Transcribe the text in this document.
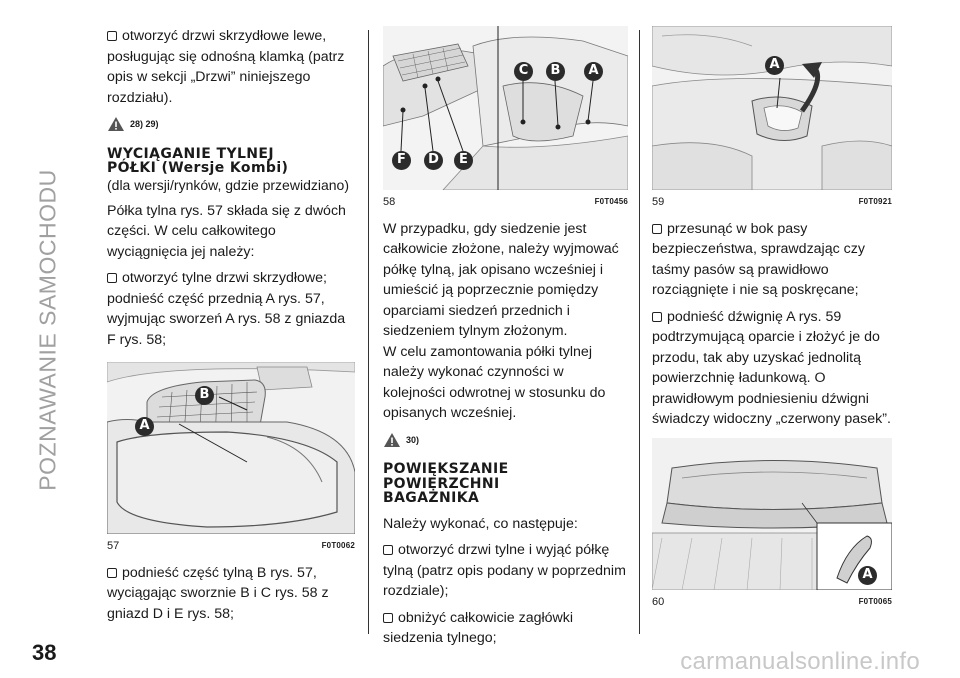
POZNAWANIE SAMOCHODU
38	carmanualsonline.info

otworzyć drzwi skrzydłowe lewe, posługując się odnośną klamką (patrz opis w sekcji „Drzwi” niniejszego rozdziału).

28) 29)
WYCIĄGANIE TYLNEJ
PÓŁKI (Wersje Kombi)

(dla wersji/rynków, gdzie przewidziano)

Półka tylna rys. 57 składa się z dwóch części. W celu całkowitego wyciągnięcia jej należy:

otworzyć tylne drzwi skrzydłowe; podnieść część przednią A rys. 57, wyjmując sworzeń A rys. 58 z gniazda F rys. 58;

A
B
57	F0T0062

podnieść część tylną B rys. 57, wyciągając sworznie B i C rys. 58 z gniazd D i E rys. 58;

C	B	A
F	D	E
58	F0T0456

W przypadku, gdy siedzenie jest całkowicie złożone, należy wyjmować półkę tylną, jak opisano wcześniej i umieścić ją poprzecznie pomiędzy oparciami siedzeń przednich i siedzeniem tylnym złożonym.

W celu zamontowania półki tylnej należy wykonać czynności w kolejności odwrotnej w stosunku do opisanych wcześniej.

30)
POWIĘKSZANIE
POWIERZCHNI
BAGAŻNIKA

Należy wykonać, co następuje:

otworzyć drzwi tylne i wyjąć półkę tylną (patrz opis podany w poprzednim rozdziale);

obniżyć całkowicie zagłówki siedzenia tylnego;

A
59	F0T0921

przesunąć w bok pasy bezpieczeństwa, sprawdzając czy taśmy pasów są prawidłowo rozciągnięte i nie są poskręcane;

podnieść dźwignię A rys. 59 podtrzymującą oparcie i złożyć je do przodu, tak aby uzyskać jednolitą powierzchnię ładunkową. O prawidłowym podniesieniu dźwigni świadczy widoczny „czerwony pasek”.

A
60	F0T0065
